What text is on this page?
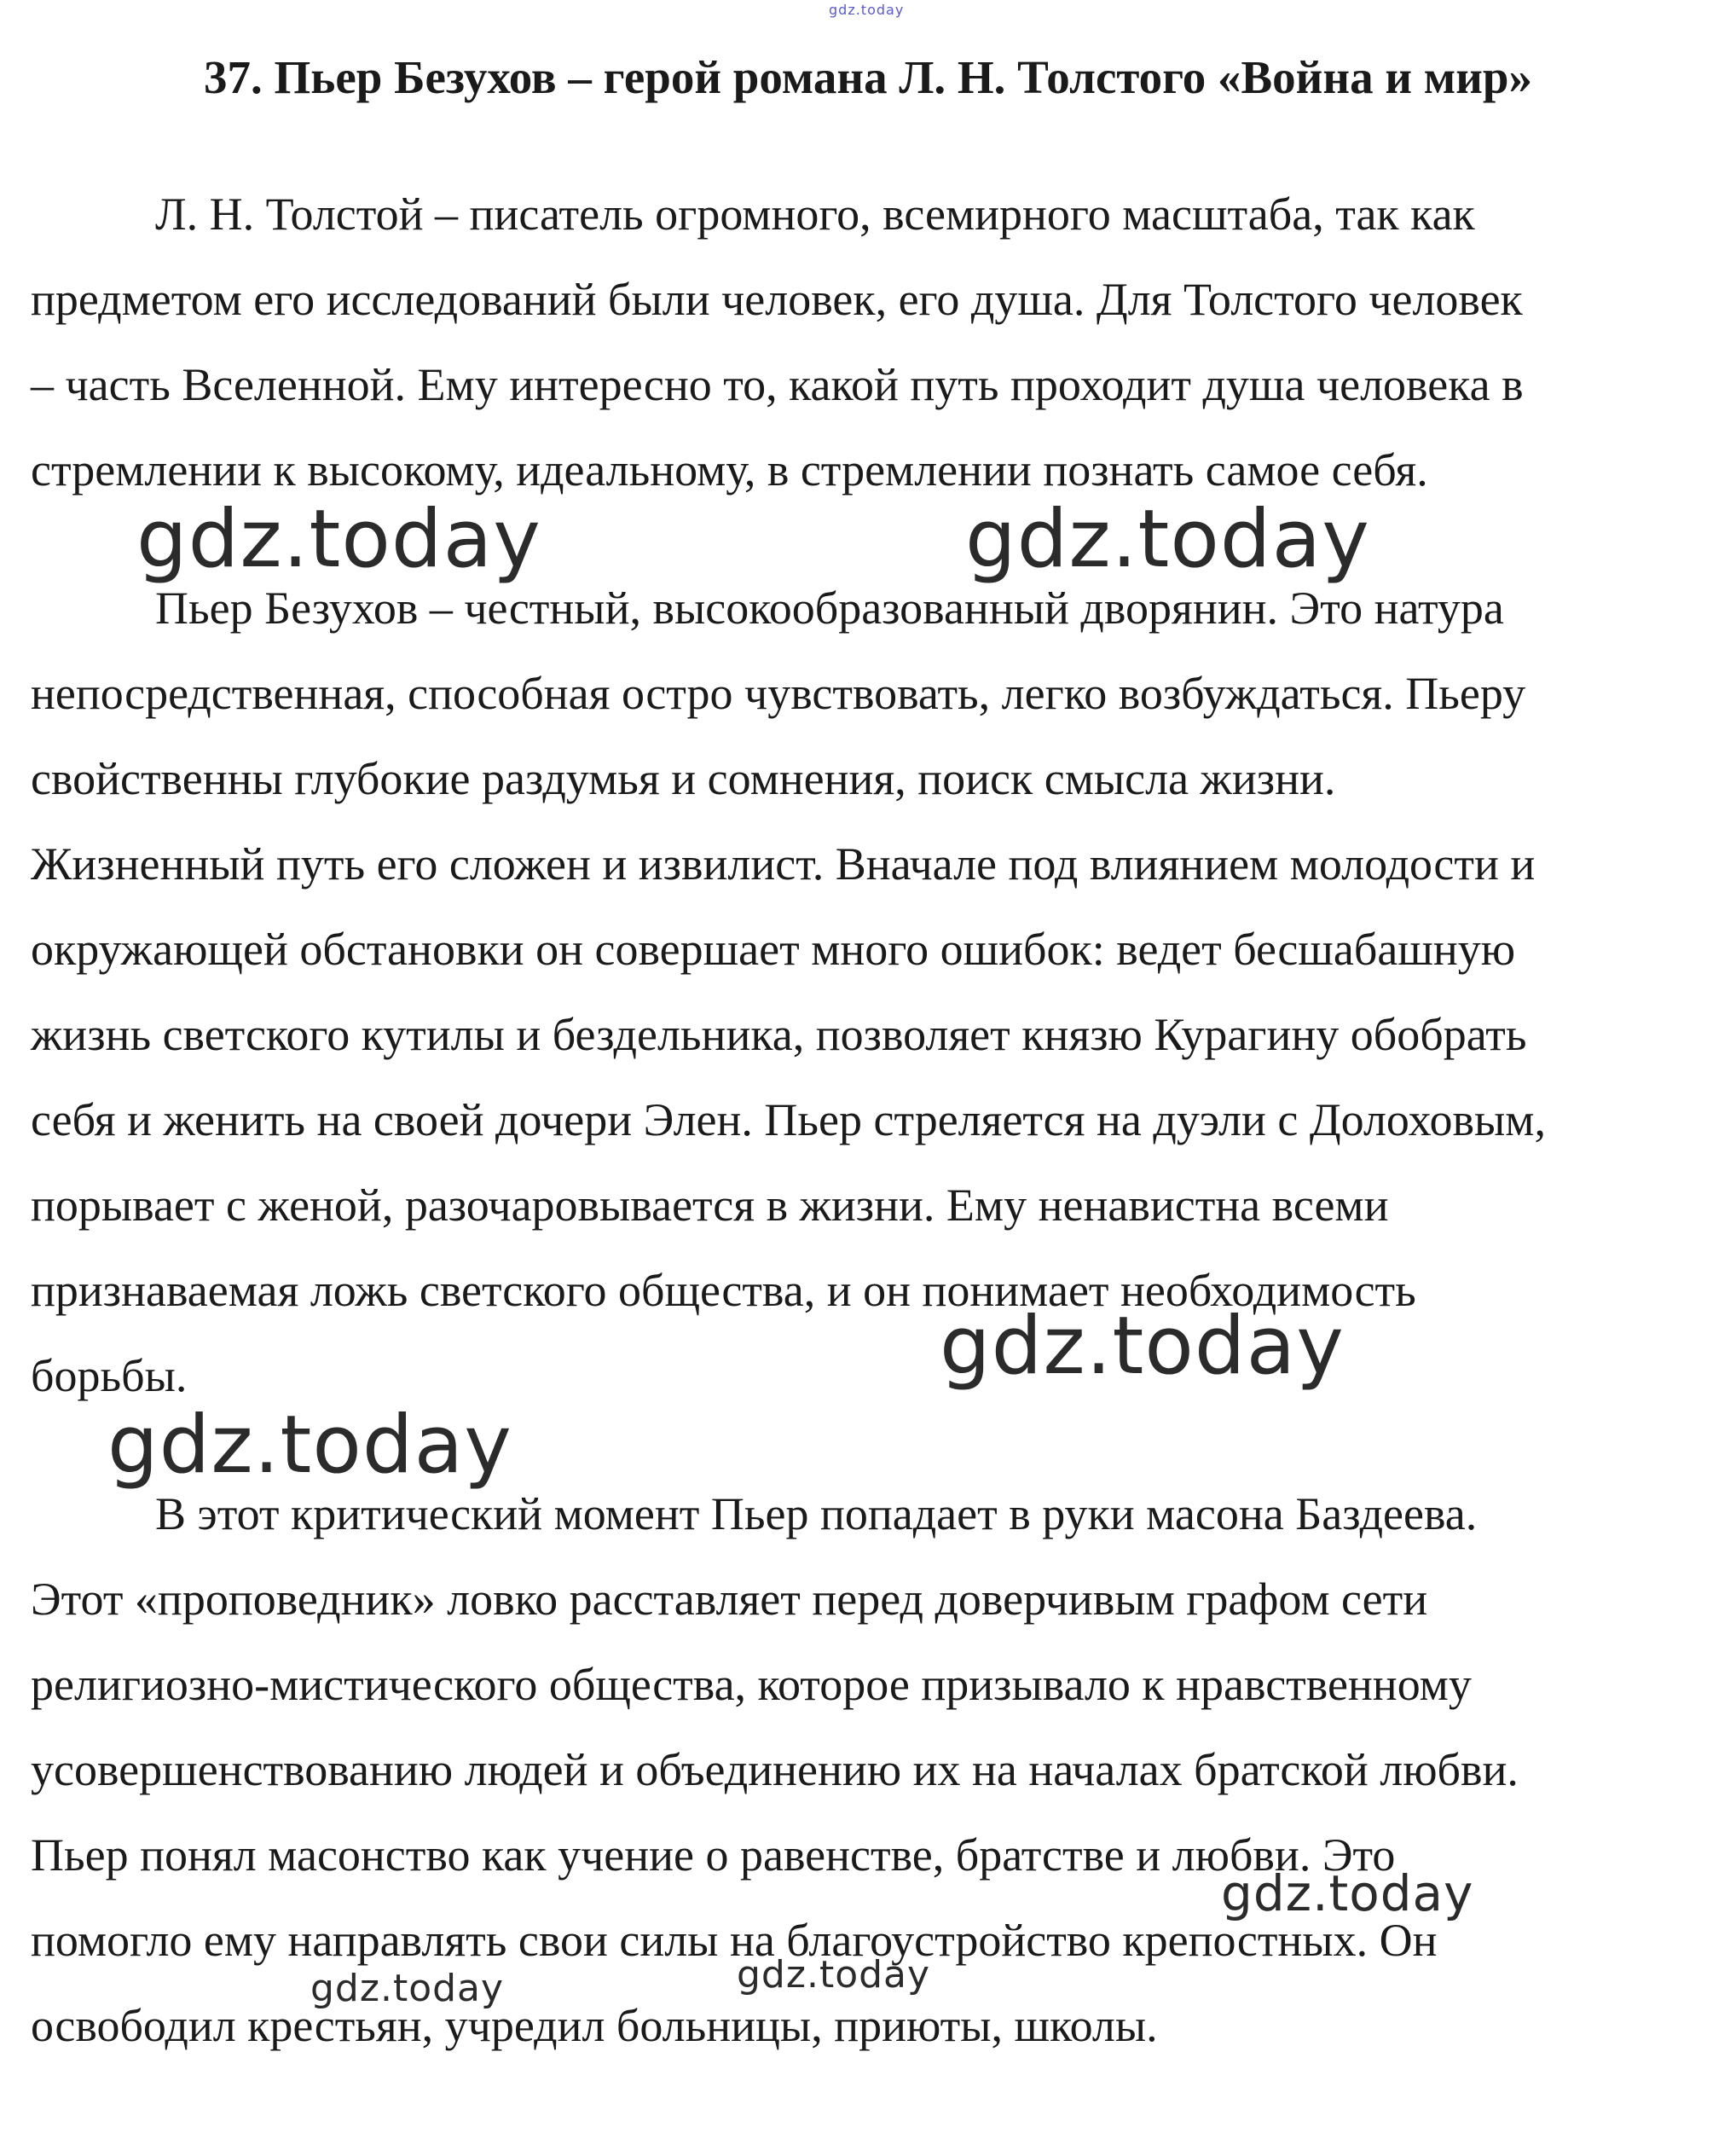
gdz.today
37. Пьер Безухов – герой романа Л. Н. Толстого «Война и мир»
Л. Н. Толстой – писатель огромного, всемирного масштаба, так как
предметом его исследований были человек, его душа. Для Толстого человек
– часть Вселенной. Ему интересно то, какой путь проходит душа человека в
стремлении к высокому, идеальному, в стремлении познать самое себя.
Пьер Безухов – честный, высокообразованный дворянин. Это натура
непосредственная, способная остро чувствовать, легко возбуждаться. Пьеру
свойственны глубокие раздумья и сомнения, поиск смысла жизни.
Жизненный путь его сложен и извилист. Вначале под влиянием молодости и
окружающей обстановки он совершает много ошибок: ведет бесшабашную
жизнь светского кутилы и бездельника, позволяет князю Курагину обобрать
себя и женить на своей дочери Элен. Пьер стреляется на дуэли с Долоховым,
порывает с женой, разочаровывается в жизни. Ему ненавистна всеми
признаваемая ложь светского общества, и он понимает необходимость
борьбы.
В этот критический момент Пьер попадает в руки масона Баздеева.
Этот «проповедник» ловко расставляет перед доверчивым графом сети
религиозно-мистического общества, которое призывало к нравственному
усовершенствованию людей и объединению их на началах братской любви.
Пьер понял масонство как учение о равенстве, братстве и любви. Это
помогло ему направлять свои силы на благоустройство крепостных. Он
освободил крестьян, учредил больницы, приюты, школы.
gdz.today	gdz.today
gdz.today
gdz.today
gdz.today
gdz.today
gdz.today
